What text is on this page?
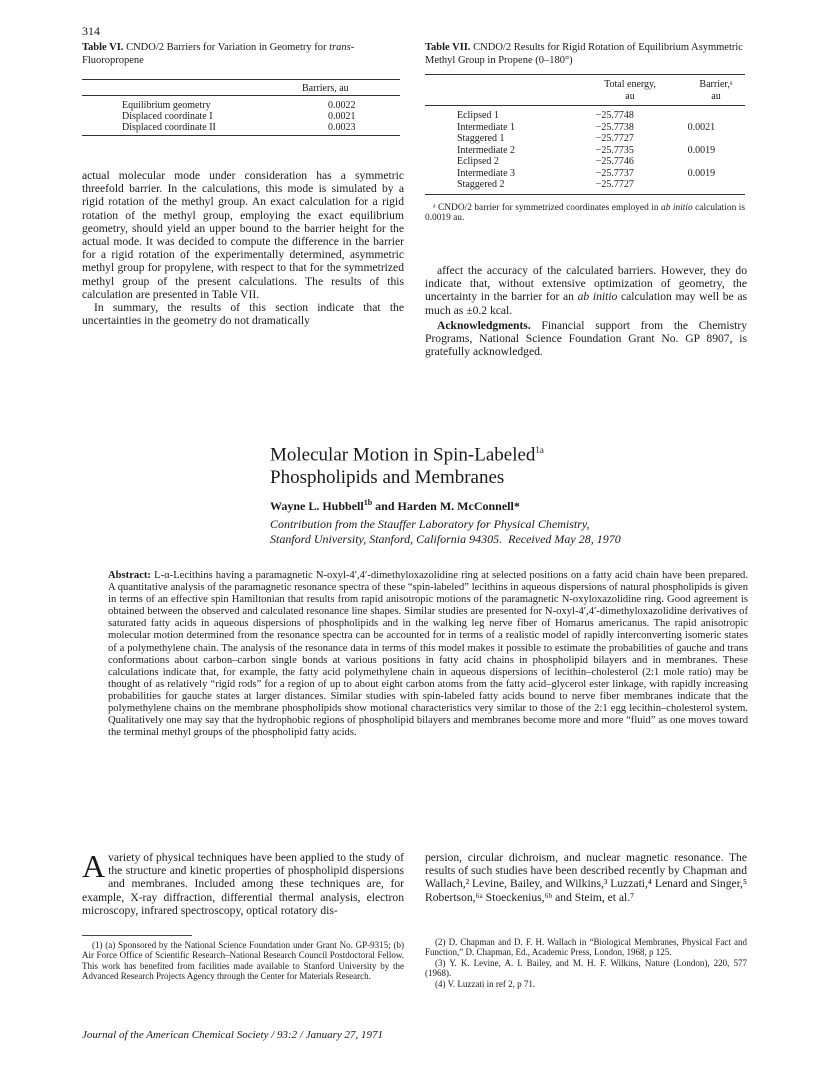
314
Table VI. CNDO/2 Barriers for Variation in Geometry for trans-Fluoropropene
Barriers, au
Equilibrium geometry	0.0022
Displaced coordinate I	0.0021
Displaced coordinate II	0.0023
Table VII. CNDO/2 Results for Rigid Rotation of Equilibrium Asymmetric Methyl Group in Propene (0–180°)
Total energy,
au
Barrier,ᵃ
au
Eclipsed 1	−25.7748	
Intermediate 1	−25.7738	0.0021
Staggered 1	−25.7727	
Intermediate 2	−25.7735	0.0019
Eclipsed 2	−25.7746	
Intermediate 3	−25.7737	0.0019
Staggered 2	−25.7727	
ᵃ CNDO/2 barrier for symmetrized coordinates employed in ab initio calculation is 0.0019 au.

actual molecular mode under consideration has a symmetric threefold barrier. In the calculations, this mode is simulated by a rigid rotation of the methyl group. An exact calculation for a rigid rotation of the methyl group, employing the exact equilibrium geometry, should yield an upper bound to the barrier height for the actual mode. It was decided to compute the difference in the barrier for a rigid rotation of the experimentally determined, asymmetric methyl group for propylene, with respect to that for the symmetrized methyl group of the present calculations. The results of this calculation are presented in Table VII.

In summary, the results of this section indicate that the uncertainties in the geometry do not dramatically

affect the accuracy of the calculated barriers. However, they do indicate that, without extensive optimization of geometry, the uncertainty in the barrier for an ab initio calculation may well be as much as ±0.2 kcal.

Acknowledgments. Financial support from the Chemistry Programs, National Science Foundation Grant No. GP 8907, is gratefully acknowledged.

Molecular Motion in Spin-Labeled$^{1a}$
Phospholipids and Membranes
Wayne L. Hubbell$^{1b}$ and Harden M. McConnell*
Contribution from the Stauffer Laboratory for Physical Chemistry,
Stanford University, Stanford, California 94305. Received May 28, 1970
Abstract: L-α-Lecithins having a paramagnetic N-oxyl-4′,4′-dimethyloxazolidine ring at selected positions on a fatty acid chain have been prepared. A quantitative analysis of the paramagnetic resonance spectra of these “spin-labeled” lecithins in aqueous dispersions of natural phospholipids is given in terms of an effective spin Hamiltonian that results from rapid anisotropic motions of the paramagnetic N-oxyloxazolidine ring. Good agreement is obtained between the observed and calculated resonance line shapes. Similar studies are presented for N-oxyl-4′,4′-dimethyloxazolidine derivatives of saturated fatty acids in aqueous dispersions of phospholipids and in the walking leg nerve fiber of Homarus americanus. The rapid anisotropic molecular motion determined from the resonance spectra can be accounted for in terms of a realistic model of rapidly interconverting isomeric states of a polymethylene chain. The analysis of the resonance data in terms of this model makes it possible to estimate the probabilities of gauche and trans conformations about carbon–carbon single bonds at various positions in fatty acid chains in phospholipid bilayers and in membranes. These calculations indicate that, for example, the fatty acid polymethylene chain in aqueous dispersions of lecithin–cholesterol (2:1 mole ratio) may be thought of as relatively “rigid rods” for a region of up to about eight carbon atoms from the fatty acid–glycerol ester linkage, with rapidly increasing probabilities for gauche states at larger distances. Similar studies with spin-labeled fatty acids bound to nerve fiber membranes indicate that the polymethylene chains on the membrane phospholipids show motional characteristics very similar to those of the 2:1 egg lecithin–cholesterol system. Qualitatively one may say that the hydrophobic regions of phospholipid bilayers and membranes become more and more “fluid” as one moves toward the terminal methyl groups of the phospholipid fatty acids.
A variety of physical techniques have been applied to the study of the structure and kinetic properties of phospholipid dispersions and membranes. Included among these techniques are, for example, X-ray diffraction, differential thermal analysis, electron microscopy, infrared spectroscopy, optical rotatory dis-
persion, circular dichroism, and nuclear magnetic resonance. The results of such studies have been described recently by Chapman and Wallach,² Levine, Bailey, and Wilkins,³ Luzzati,⁴ Lenard and Singer,⁵ Robertson,⁶ᵃ Stoeckenius,⁶ᵇ and Steim, et al.⁷
(1) (a) Sponsored by the National Science Foundation under Grant No. GP-9315; (b) Air Force Office of Scientific Research–National Research Council Postdoctoral Fellow. This work has benefited from facilities made available to Stanford University by the Advanced Research Projects Agency through the Center for Materials Research.

(2) D. Chapman and D. F. H. Wallach in “Biological Membranes, Physical Fact and Function,” D. Chapman, Ed., Academic Press, London, 1968, p 125.

(3) Y. K. Levine, A. I. Bailey, and M. H. F. Wilkins, Nature (London), 220, 577 (1968).

(4) V. Luzzati in ref 2, p 71.

Journal of the American Chemical Society / 93:2 / January 27, 1971
